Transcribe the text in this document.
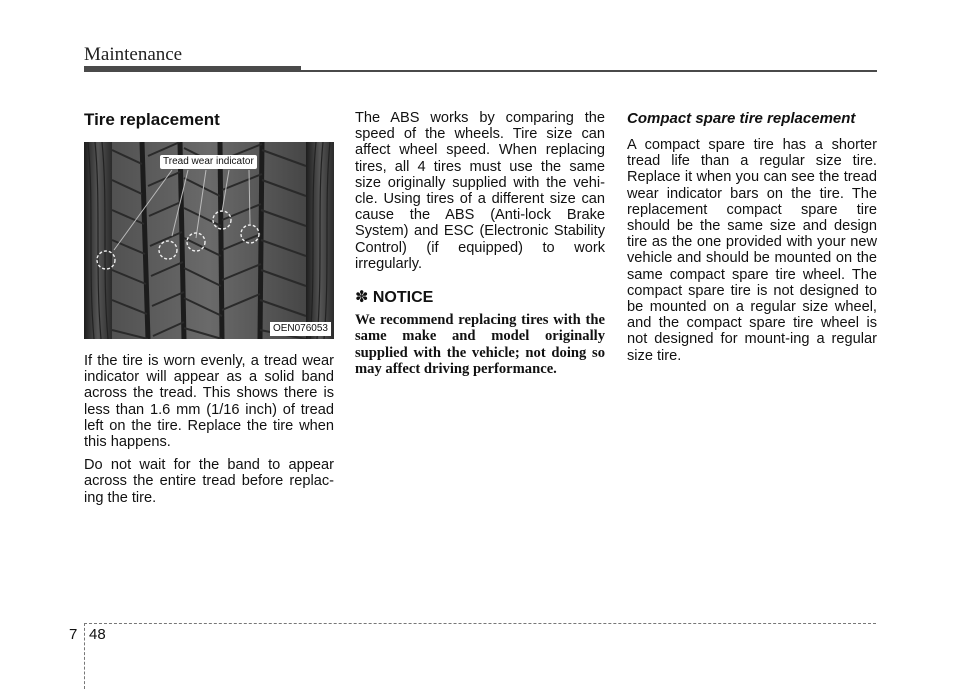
Maintenance
Tire replacement
Tread wear indicator
OEN076053

If the tire is worn evenly, a tread wear indicator will appear as a solid band across the tread. This shows there is less than 1.6 mm (1/16 inch) of tread left on the tire. Replace the tire when this happens.

Do not wait for the band to appear across the entire tread before replac-ing the tire.

The ABS works by comparing the speed of the wheels. Tire size can affect wheel speed. When replacing tires, all 4 tires must use the same size originally supplied with the vehi-cle. Using tires of a different size can cause the ABS (Anti-lock Brake System) and ESC (Electronic Stability Control) (if equipped) to work irregularly.

✽ NOTICE

We recommend replacing tires with the same make and model originally supplied with the vehicle; not doing so may affect driving performance.

Compact spare tire replacement

A compact spare tire has a shorter tread life than a regular size tire. Replace it when you can see the tread wear indicator bars on the tire. The replacement compact spare tire should be the same size and design tire as the one provided with your new vehicle and should be mounted on the same compact spare tire wheel. The compact spare tire is not designed to be mounted on a regular size wheel, and the compact spare tire wheel is not designed for mount-ing a regular size tire.

7 48
